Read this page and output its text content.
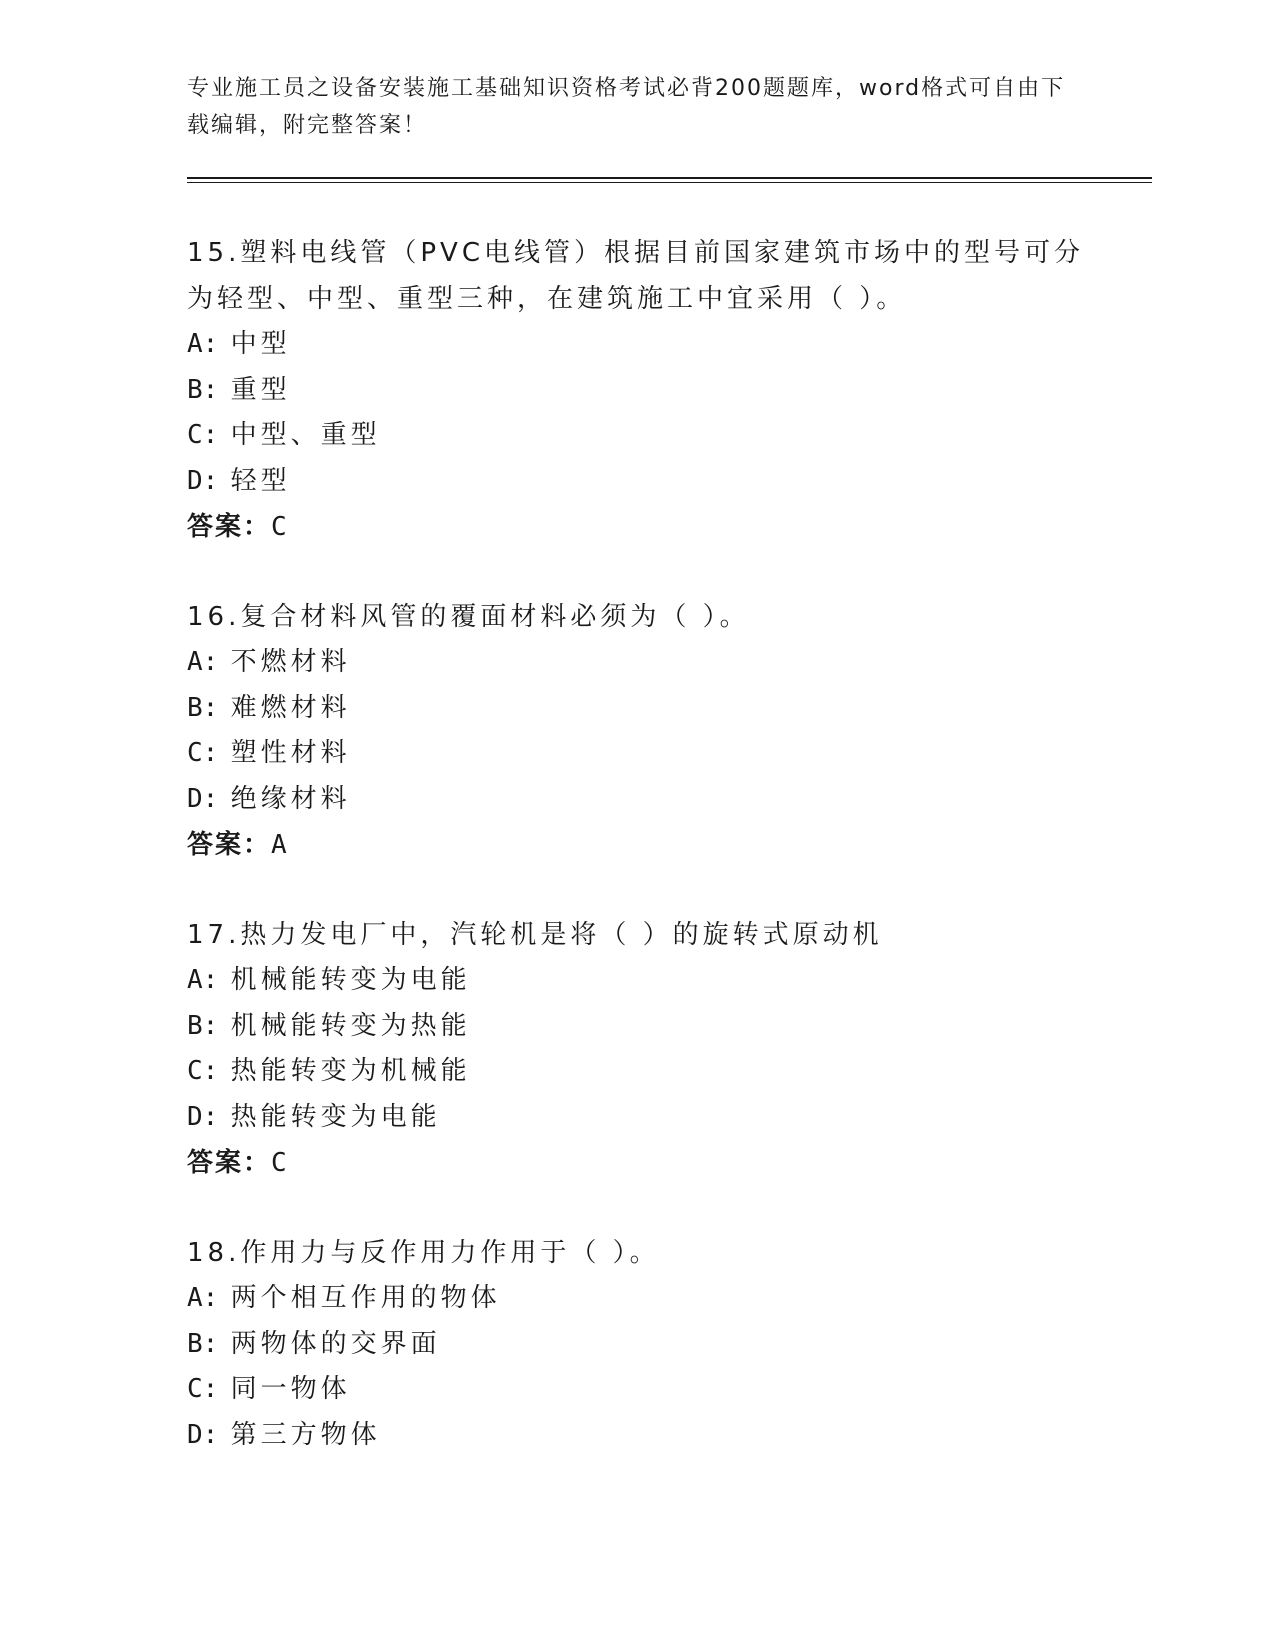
专业施工员之设备安装施工基础知识资格考试必背200题题库，word格式可自由下载编辑，附完整答案！

15.塑料电线管（PVC电线管）根据目前国家建筑市场中的型号可分为轻型、中型、重型三种，在建筑施工中宜采用（ ）。

A: 中型

B: 重型

C: 中型、重型

D: 轻型

答案：C

16.复合材料风管的覆面材料必须为（ ）。

A: 不燃材料

B: 难燃材料

C: 塑性材料

D: 绝缘材料

答案：A

17.热力发电厂中，汽轮机是将（ ）的旋转式原动机

A: 机械能转变为电能

B: 机械能转变为热能

C: 热能转变为机械能

D: 热能转变为电能

答案：C

18.作用力与反作用力作用于（ ）。

A: 两个相互作用的物体

B: 两物体的交界面

C: 同一物体

D: 第三方物体
